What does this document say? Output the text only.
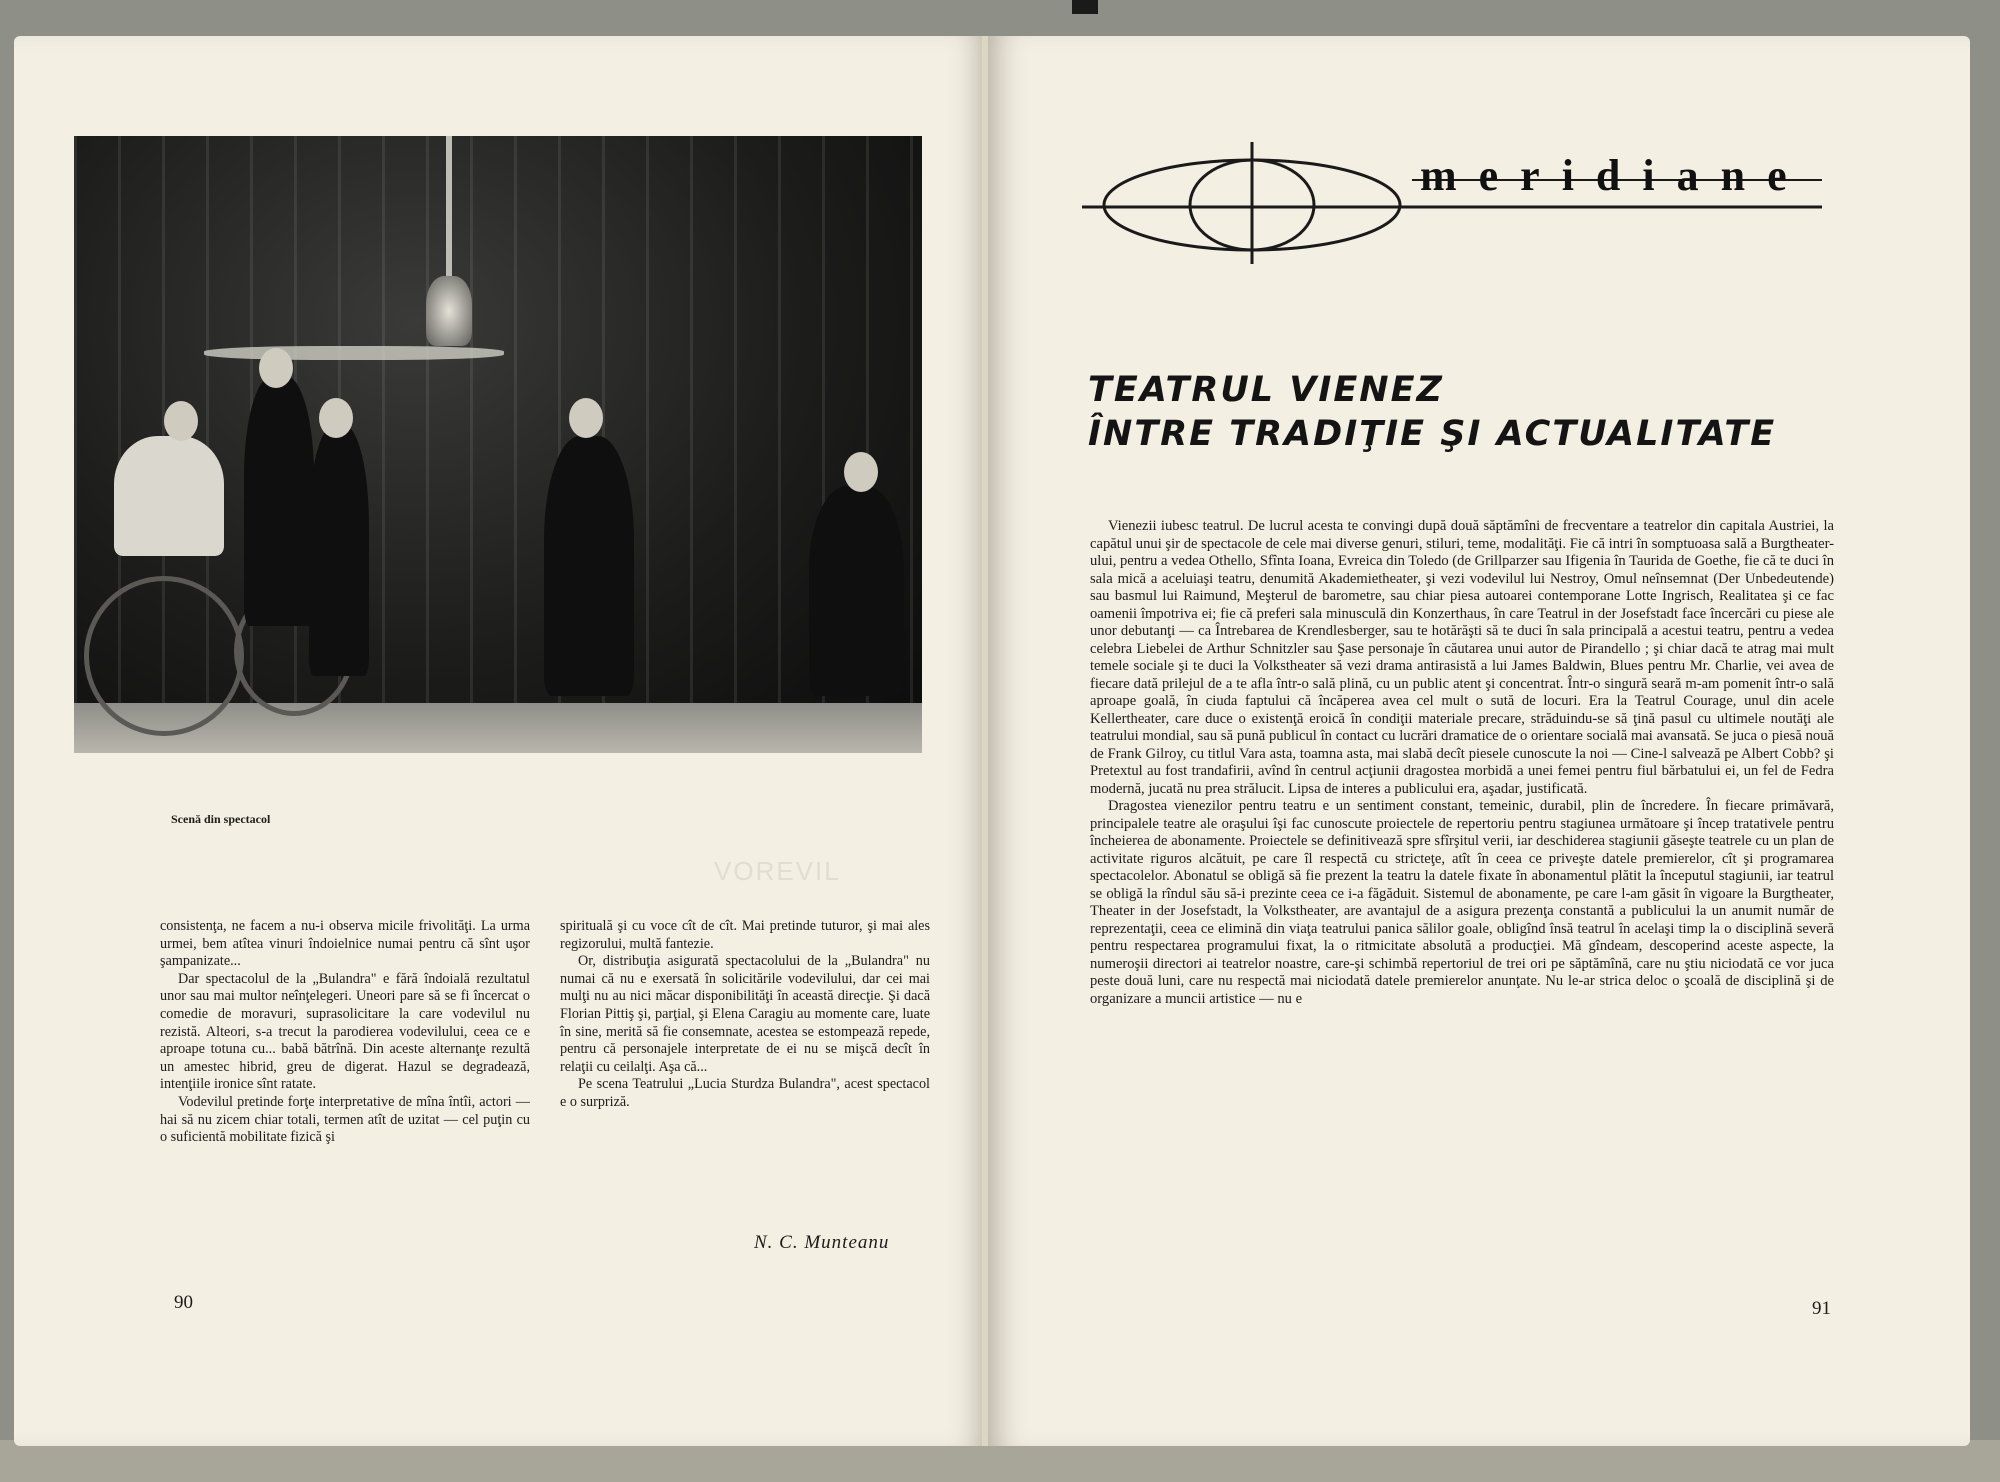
Scenă din spectacol
VOREVIL

consistenţa, ne facem a nu-i observa micile frivolităţi. La urma urmei, bem atîtea vinuri îndoielnice numai pentru că sînt uşor şampanizate...

Dar spectacolul de la „Bulandra" e fără îndoială rezultatul unor sau mai multor neînţelegeri. Uneori pare să se fi încercat o comedie de moravuri, suprasolicitare la care vodevilul nu rezistă. Alteori, s-a trecut la parodierea vodevilului, ceea ce e aproape totuna cu... babă bătrînă. Din aceste alternanţe rezultă un amestec hibrid, greu de digerat. Hazul se degradează, intenţiile ironice sînt ratate.

Vodevilul pretinde forţe interpretative de mîna întîi, actori — hai să nu zicem chiar totali, termen atît de uzitat — cel puţin cu o suficientă mobilitate fizică şi

spirituală şi cu voce cît de cît. Mai pretinde tuturor, şi mai ales regizorului, multă fantezie.

Or, distribuţia asigurată spectacolului de la „Bulandra" nu numai că nu e exersată în solicitările vodevilului, dar cei mai mulţi nu au nici măcar disponibilităţi în această direcţie. Şi dacă Florian Pittiş şi, parţial, şi Elena Caragiu au momente care, luate în sine, merită să fie consemnate, acestea se estompează repede, pentru că personajele interpretate de ei nu se mişcă decît în relaţii cu ceilalţi. Aşa că...

Pe scena Teatrului „Lucia Sturdza Bulandra", acest spectacol e o surpriză.

N. C. Munteanu
90
meridiane
TEATRUL VIENEZ
ÎNTRE TRADIŢIE ŞI ACTUALITATE

Vienezii iubesc teatrul. De lucrul acesta te convingi după două săptămîni de frecventare a teatrelor din capitala Austriei, la capătul unui şir de spectacole de cele mai diverse genuri, stiluri, teme, modalităţi. Fie că intri în somptuoasa sală a Burgtheater-ului, pentru a vedea Othello, Sfînta Ioana, Evreica din Toledo (de Grillparzer sau Ifigenia în Taurida de Goethe, fie că te duci în sala mică a aceluiaşi teatru, denumită Akademietheater, şi vezi vodevilul lui Nestroy, Omul neînsemnat (Der Unbedeutende) sau basmul lui Raimund, Meşterul de barometre, sau chiar piesa autoarei contemporane Lotte Ingrisch, Realitatea şi ce fac oamenii împotriva ei; fie că preferi sala minusculă din Konzerthaus, în care Teatrul in der Josefstadt face încercări cu piese ale unor debutanţi — ca Întrebarea de Krendlesberger, sau te hotărăşti să te duci în sala principală a acestui teatru, pentru a vedea celebra Liebelei de Arthur Schnitzler sau Şase personaje în căutarea unui autor de Pirandello ; şi chiar dacă te atrag mai mult temele sociale şi te duci la Volkstheater să vezi drama antirasistă a lui James Baldwin, Blues pentru Mr. Charlie, vei avea de fiecare dată prilejul de a te afla într-o sală plină, cu un public atent şi concentrat. Într-o singură seară m-am pomenit într-o sală aproape goală, în ciuda faptului că încăperea avea cel mult o sută de locuri. Era la Teatrul Courage, unul din acele Kellertheater, care duce o existenţă eroică în condiţii materiale precare, străduindu-se să ţină pasul cu ultimele noutăţi ale teatrului mondial, sau să pună publicul în contact cu lucrări dramatice de o orientare socială mai avansată. Se juca o piesă nouă de Frank Gilroy, cu titlul Vara asta, toamna asta, mai slabă decît piesele cunoscute la noi — Cine-l salvează pe Albert Cobb? şi Pretextul au fost trandafirii, avînd în centrul acţiunii dragostea morbidă a unei femei pentru fiul bărbatului ei, un fel de Fedra modernă, jucată nu prea strălucit. Lipsa de interes a publicului era, aşadar, justificată.

Dragostea vienezilor pentru teatru e un sentiment constant, temeinic, durabil, plin de încredere. În fiecare primăvară, principalele teatre ale oraşului îşi fac cunoscute proiectele de repertoriu pentru stagiunea următoare şi încep tratativele pentru încheierea de abonamente. Proiectele se definitivează spre sfîrşitul verii, iar deschiderea stagiunii găseşte teatrele cu un plan de activitate riguros alcătuit, pe care îl respectă cu stricteţe, atît în ceea ce priveşte datele premierelor, cît şi programarea spectacolelor. Abonatul se obligă să fie prezent la teatru la datele fixate în abonamentul plătit la începutul stagiunii, iar teatrul se obligă la rîndul său să-i prezinte ceea ce i-a făgăduit. Sistemul de abonamente, pe care l-am găsit în vigoare la Burgtheater, Theater in der Josefstadt, la Volkstheater, are avantajul de a asigura prezenţa constantă a publicului la un anumit număr de reprezentaţii, ceea ce elimină din viaţa teatrului panica sălilor goale, obligînd însă teatrul în acelaşi timp la o disciplină severă pentru respectarea programului fixat, la o ritmicitate absolută a producţiei. Mă gîndeam, descoperind aceste aspecte, la numeroşii directori ai teatrelor noastre, care-şi schimbă repertoriul de trei ori pe săptămînă, care nu ştiu niciodată ce vor juca peste două luni, care nu respectă mai niciodată datele premierelor anunţate. Nu le-ar strica deloc o şcoală de disciplină şi de organizare a muncii artistice — nu e

91
